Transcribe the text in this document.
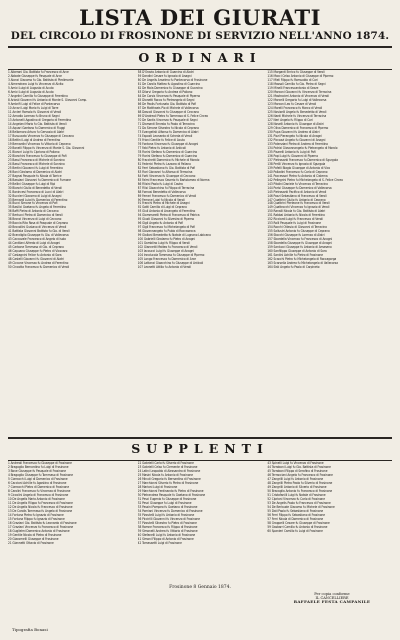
LISTA DEI GIURATI
DEL CIRCOLO DI FROSINONE DI SERVIZIO NELL'ANNO 1874.
ORDINARI
1 Alberoni Gio. Battista fu Francesco di Arce
2 Abbate Giuseppe fu Pasquale di Arce
3 Alonzi Giacomo fu Gio. Battista di Piedimonte
4 Almendraro Luigi fu Vincenzo di Alvito
5 Amici Luigi di Augusto di Acuto
6 Amici Luigi di Augusto di Acuto
7 Angelini Camillo fu Giuseppe di Ferentino
8 Ariosti Giovanni fu Antonio di Monte S. Giovanni Camp.
9 Ambrifi Luigi di Felice di Pontecorvo
10 Arcari Luigi Mario fu Luigi di Torre
11 Arcieri Romolo fu Giovanni di Veroli
12 Amadio Lorenzo fu Bruno di Segni
13 Antonelli Agostino di Gregorio di Ferentino
14 Angelani Mario fu Gio. Battista di Veroli
15 Aquari Gaetano fu Domenico di Fiuggi
16 Bellomoro Arturo fu Gervasio di Alatri
17 Bussucato Vincenzo fu Giuseppe di Ceccano
18 Bettini Luigi di Andrea di Ferentino
19 Bernardini Vincenzo fu Vittorio di Ceprano
20 Bonelli Filippo fu Vincenzo di Monte S. Gio. Giovanni
21 Biancri Luigi fu Cipriano di Paliano
22 Bianchini Francesco fu Giuseppe di Pofi
23 Bassi Francesco di Michele di Sonnino
24 Bassi Francesco di Michele di Sonnino
25 Bertini Giovanni fu Luigi di Ferentino
26 Boni Girolamo di Domenico di Alatri
27 Bagnai Pasquale fu Nicola di Torrice
28 Bassiani Giovanni fu Domenico di Fumone
29 Bellini Giuseppe fu Luigi di Ripi
30 Bianchi Giulio di Benedetto di Veroli
31 Bonincesi Francesco di Lucci di Alatri
32 Buccieri Giacomo di Luigi di Anagni
33 Bernardi Luigi fu Domenico di Ferentino
34 Bucci Simone fu Vincenzo di Pofi
35 Basilici Gaetano fu Angelo di Ferentino
36 Baffi Pietro di Antonio di Ceccano
37 Bertucci Pietro di Domenico di Veroli
38 Bronzi Vincenzo di Luigi di Ceccano
39 Boccia Rita Rosa di Pasquale di Ceprano
40 Brovollini Gustavo di Vincenzo di Veroli
41 Battista Giovanni Battista fu Gio. di Veroli
42 Brandiglio Giuseppe fu Gio. di Vallecorsa
43 Caccavale Francesco di Angelo di Isola
44 Cantilani Alfredo di Luigi di Anagni
45 Carbone Tommaso di Gio. di Ceprano
46 Capuano Giuseppe fu Pietro di Vicovaro
47 Castagnini Felice fu Antonio di Sora
48 Castelli Giovanni fu Giovanni di Alatri
49 Ciccone Vincenzo fu Andrea di Ferentino
50 Cincotta Francesco fu Domenico di Veroli
58 D'Orazio Antonio di Guarcino di Alatri
59 Dandini Cesare fu Ignazio di Anagni
60 De Angelis Anselmo fu Pontecorvo di Frosinone
61 De Carolis Matteo fu Agostino di Guarcino
62 De Mola Domenico fu Giuseppe di Guarcino
63 Dilorvi Gregorio fu Andrea di Paliano
64 De Corsis Vincenzo fu Pasquale di Piperno
65 Dionetti Rocco fu Pietrangelo di Segni
66 De Paolis Fortunato Gio. Battista di Pofi
67 De Matthaeis Pio di Michele di Vallecorsa
68 Dascoli Giovanni fu Giuseppe di Ceccano
69 D'Andreoli Pietro fu Tommaso di S. Felice Circeo
70 De Santis Vincenzo fu Pasquale di Segni
71 Diamanti Ernesto fu Paolo di Terracina
72 Do Simone Silvestro fu Nicola di Ceprano
73 Evangelisti Alfonso fu Domenico di Alatri
74 Esposti Leonardo di Scheda di Veroli
75 Frioni Gentile fu Felice di Acuto
76 Fontana Vincenzo fu Giuseppe di Anagni
77 Fabi Pietro fu Antonio di Anticoli
78 Fiorini Stefano fu Domenico di Guarcino
79 Fiorini Stefano fu Domenico di Guarcino
80 Fracchetti Domenico fu Michele di Morolo
81 Federici Pietro fu Lazzaro di Paliano
82 Ferri Sebastiano fu Gio. Battista di Pofi
83 Fiori Giovanni fu Alfonso di Terracina
84 Forti Vincenzo fu Giuseppe di Ceccano
85 Falmi Francesco Saverio fu Bartolomeo di Norma
86 Filisini Paolo fu Luigi di Castro
87 Filisi Gioacchino fu Filippo di Terracina
88 Fornasi Benedetto di Vallecorsa
89 Ferrari Francesco fu Domenico di Veroli
90 Ferrone Luigi fu Nicola di Veroli
91 Franchi Pietro di Michele di Anagni
92 Gatti Camillo di Luigi di Ceprano
93 Giuli Antonio di Arcangelo di Ferentino
94 Giommarelli Pietro di Francesco di Patrica
95 Giusti Giovanni fu Silvestro di Piperno
96 Gigli Angelo fu Antonio di Pofi
97 Gigli Francesco fu Michelangelo di Pofi
98 Giovannangelo fu Pubio di Roccasecca
99 Gialloni Benedetto fu Natale di Lugnano Labicano
100 Gabrielli Girolamo fu Pietro di Anagni
101 Gamblino Luigi fu Filippo di Veroli
102 Giannetti Matteo fu Francesco di Veroli
103 Iacoucci Luigi fu Giuseppe di Anagni
104 Innalucola Tommaso fu Giuseppe di Piperno
105 Longo Francesco fu Domenico di Arce
106 Lattanzi Gioacchino fu Giuseppe di Anticoli
107 Leonetti Attilio fu Antonio di Veroli
115 Morganti Enrico fu Giuseppe di Veroli
116 Mocci Celso Antonio di Giuseppe di Piperno
117 Mieli Filippo fu Romualdo di Cori
118 Massoli Camillo fu Gio. Pietro di Segni
119 Minelli Francescantonio di Sezze
120 Marconi Giovanni fu Vincenzo di Terracina
121 Mastrocieri Antonio di Vincenzo di Veroli
122 Marcelli Gregorio fu Luigi di Vallecorsa
123 Marconi Leo fu Cesare di Veroli
124 Morelli Francesco fu Marco di Veroli
125 Noviselli Angelo fu Benedetto di Veroli
126 Nardi Michele fu Vincenzo di Terracina
127 Neri Angelo fu Filippo di Cori
128 Novelli Antonio fu Giuseppe di Alatri
129 Oliva Domenico di Francesco di Piperno
130 Pupa Giovanni fu Andrea di Alatri
131 Pizzi Pierangelo fu Nicola di Anagni
132 Piccozzi Angelo fu Giovanni di Anagni
133 Potenziani Pietro di Andrea di Ferentino
134 Patrizi Giovannangelo fu Pietrangelo di Morolo
135 Pisarelli Antonio fu Luigi di Pofi
136 Popi Luigi fu Giovanni di Piperno
137 Pietrosanti Francesco fu Domenico di Sgurgola
138 Perilli Vincenzo fu Ignazio di Sgurgola
139 Pofelli Biagio Giuseppe di Antonio di Vico
140 Palladini Francesco fu Carlo di Ceprano
141 Paccessori Pietro fu Antonio di Cisterna
142 Pellegrini Pietro fu Michelangelo di S. Felice Circeo
143 Pitolini Daniele fu Vincenzo di Terracina
144 Parisi Giuseppe fu Domenico di Vallecorsa
145 Pietrosanti Pacifico di Antonio di Veroli
146 Pozzi Sebastiano di Francesco di Veroli
147 Quattrini Giulio fu Antonio di Ceprano
148 Quattrini Pierleone fu Francesco di Veroli
149 Quattrocchi Vincenzo fu Ignazio di Veroli
150 Ranalli Nicola fu Gio. Battista di Alatri
151 Rabbai Antonio fu Nicola di Ferentino
152 Ricciardi Luigi fu Francesco di Veroli
153 Rolli Pasquale fu Luigi di Frosinone
154 Rocchi Ottavio di Giovanni di Terracina
155 Sallustri Antonio fu Giuseppe di Ceprano
156 Stocchi Giuseppe fu Lorenzo di Alatri
157 Sbardella Vincenzo fu Francesco di Anagni
158 Sbardella Giuseppe fu Giuseppe di Anagni
159 Santucci Giuseppe fu Antonio di Amaseno
160 Sanfilippo Giuseppe di Antonio di Sora
161 Santini Achille fu Pietro di Frosinone
162 Scacchi Pietro fu Michelangelo di Roccagorga
163 Scarsella Andrea fu Michelangelo di Vallecorsa
164 Sisti Angelo fu Paolo di Carpineto
SUPPLENTI
1 Andreoli Francesco fu Giuseppe di Frosinone
2 Bragaglia Bernardino fu Luigi di Frosinone
3 Bove Giuseppe fu Pasquale di Frosinone
4 Bragaglia Giuseppe fu Tommaso di Frosinone
5 Ciarrocchi Luigi di Domenico di Frosinone
6 Caccioni Achille fu Agostino di Frosinone
7 Ciarrocchi Pietro di Domenico di Frosinone
8 Carolini Francesco fu Vincenzo di Frosinone
9 Ciccolini Angelo di Francesco di Frosinone
10 De Angelis Maria Antonio di Frosinone
11 De Angelis Filippo fu Francesco di Frosinone
12 De Angelis Nicola fu Francesco di Frosinone
13 De Carolis Tommaso fu Angelo di Frosinone
14 Fortuna Pietro fu Ignazio di Frosinone
15 Fortuna Filippo fu Ignazio di Frosinone
16 Graziani Gio. Battista fu Leonardo di Frosinone
17 Graziani Vincenzo fu Francesco di Frosinone
18 Guglielmi Domenico Antonio di Frosinone
19 Gentile Nicola di Pietro di Frosinone
20 Giacomelli Giuseppe di Frosinone
21 Giannetti Ottavio di Frosinone
22 Gabrielli Carlo fu Silverio di Frosinone
23 Gabrielli Celso fu Clemente di Frosinone
24 Latini Leopoldo di Alessandro di Frosinone
25 Masini Nicola fu Antonio di Frosinone
26 Minuti Gregorio fu Bernardino di Frosinone
27 Marchionni Silverio fu Pietro di Frosinone
28 Mariani Luigi di Frosinone
29 Marchionni Ferdinando fu Pietro di Frosinone
30 Pietrandrea Pasquale fu Gaetano di Frosinone
31 Pesci Eugenio fu Giuseppe di Frosinone
32 Pesci Giuseppe fu Luigi di Frosinone
33 Passini Pompeo fu Gaetano di Frosinone
34 Pomiani Vincenzo fu Domenico di Frosinone
35 Pizzutelli Luigi fu Antonio di Frosinone
36 Piccirilli Giovanni fu Vincenzo di Frosinone
37 Pizzutelli Silvestro fu Pietro di Frosinone
38 Romne Francesco fu Filippo di Frosinone
39 Simonelli Andrea fu Vittorio di Frosinone
40 Stefanelli Luigi fu Antonio di Frosinone
41 Simoni Filippo di Antonio di Frosinone
42 Tomassetti Luigi di Frosinone
43 Spinelli Luigi fu Vincenzo di Frosinone
44 Tarroboni Luigi fu Gio. Battista di Frosinone
45 Tarroboni Filippo di Serafino di Frosinone
46 Terracciani Angelo fu Francesco di Frosinone
47 Zangrilli Luigi fu Antonio di Frosinone
48 Zangrilli Pietro Paolo fu Silverio di Frosinone
49 Zangrilli Antonio di Silverio di Frosinone
50 Bracaglia Antonio fu Francesco di Frosinone
51 Cristofanilli Luigi fu Natale di Frosinone
52 Cipriani Vincenzo fu Carlo di Frosinone
53 De Angelis Paolo fu Francesco di Frosinone
54 De Berlaude Giacomo fu Michele di Frosinone
55 Dati Paolo fu Sebastiano di Frosinone
56 Ferri Filippo fu Sebastiano di Frosinone
57 Ferri Nicola di Domenico di Frosinone
58 Grappelli Cesare fu Giuseppe di Frosinone
59 Gasbarri Camillo fu Antonio di Frosinone
60 Spanieri Camillo fu Luigi di Frosinone
Frosinone 8 Gennaio 1874.
Per copia conforme
IL CANCELLIERE
RAFFAELE FESTA CAMPANILE
Tipografia Bonasi
